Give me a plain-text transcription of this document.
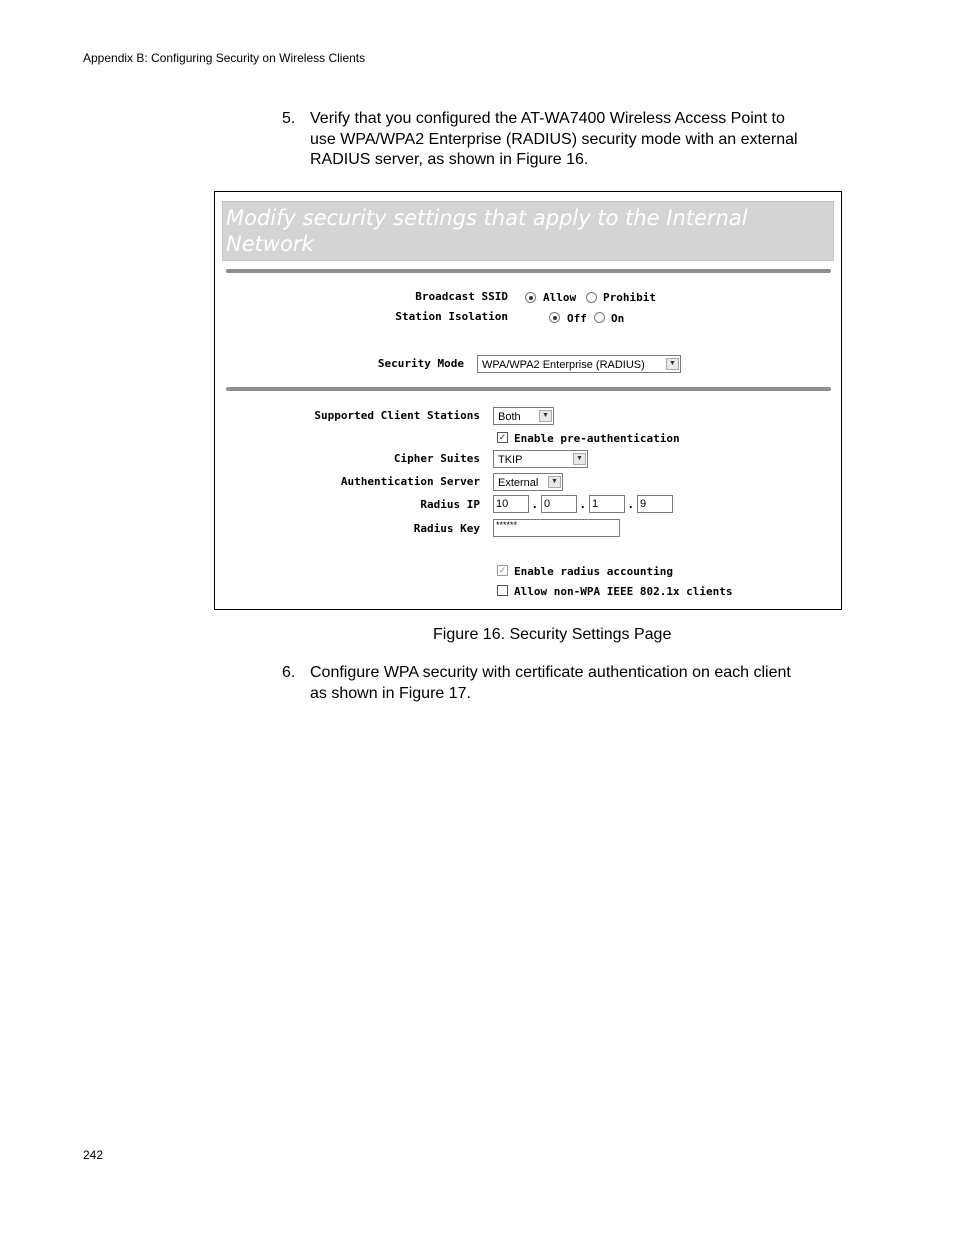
Appendix B: Configuring Security on Wireless Clients
5. Verify that you configured the AT-WA7400 Wireless Access Point to
use WPA/WPA2 Enterprise (RADIUS) security mode with an external
RADIUS server, as shown in Figure 16.
Modify security settings that apply to the Internal
Network
Broadcast SSID	Allow Prohibit
Station Isolation	Off On
Security Mode	WPA/WPA2 Enterprise (RADIUS)	▼
Supported Client Stations	Both	▼
✓ Enable pre-authentication
Cipher Suites	TKIP	▼
Authentication Server	External	▼
Radius IP 10	. 0	. 1	. 9
Radius Key	******
✓ Enable radius accounting
Allow non-WPA IEEE 802.1x clients
Figure 16. Security Settings Page
6. Configure WPA security with certificate authentication on each client
as shown in Figure 17.
242
